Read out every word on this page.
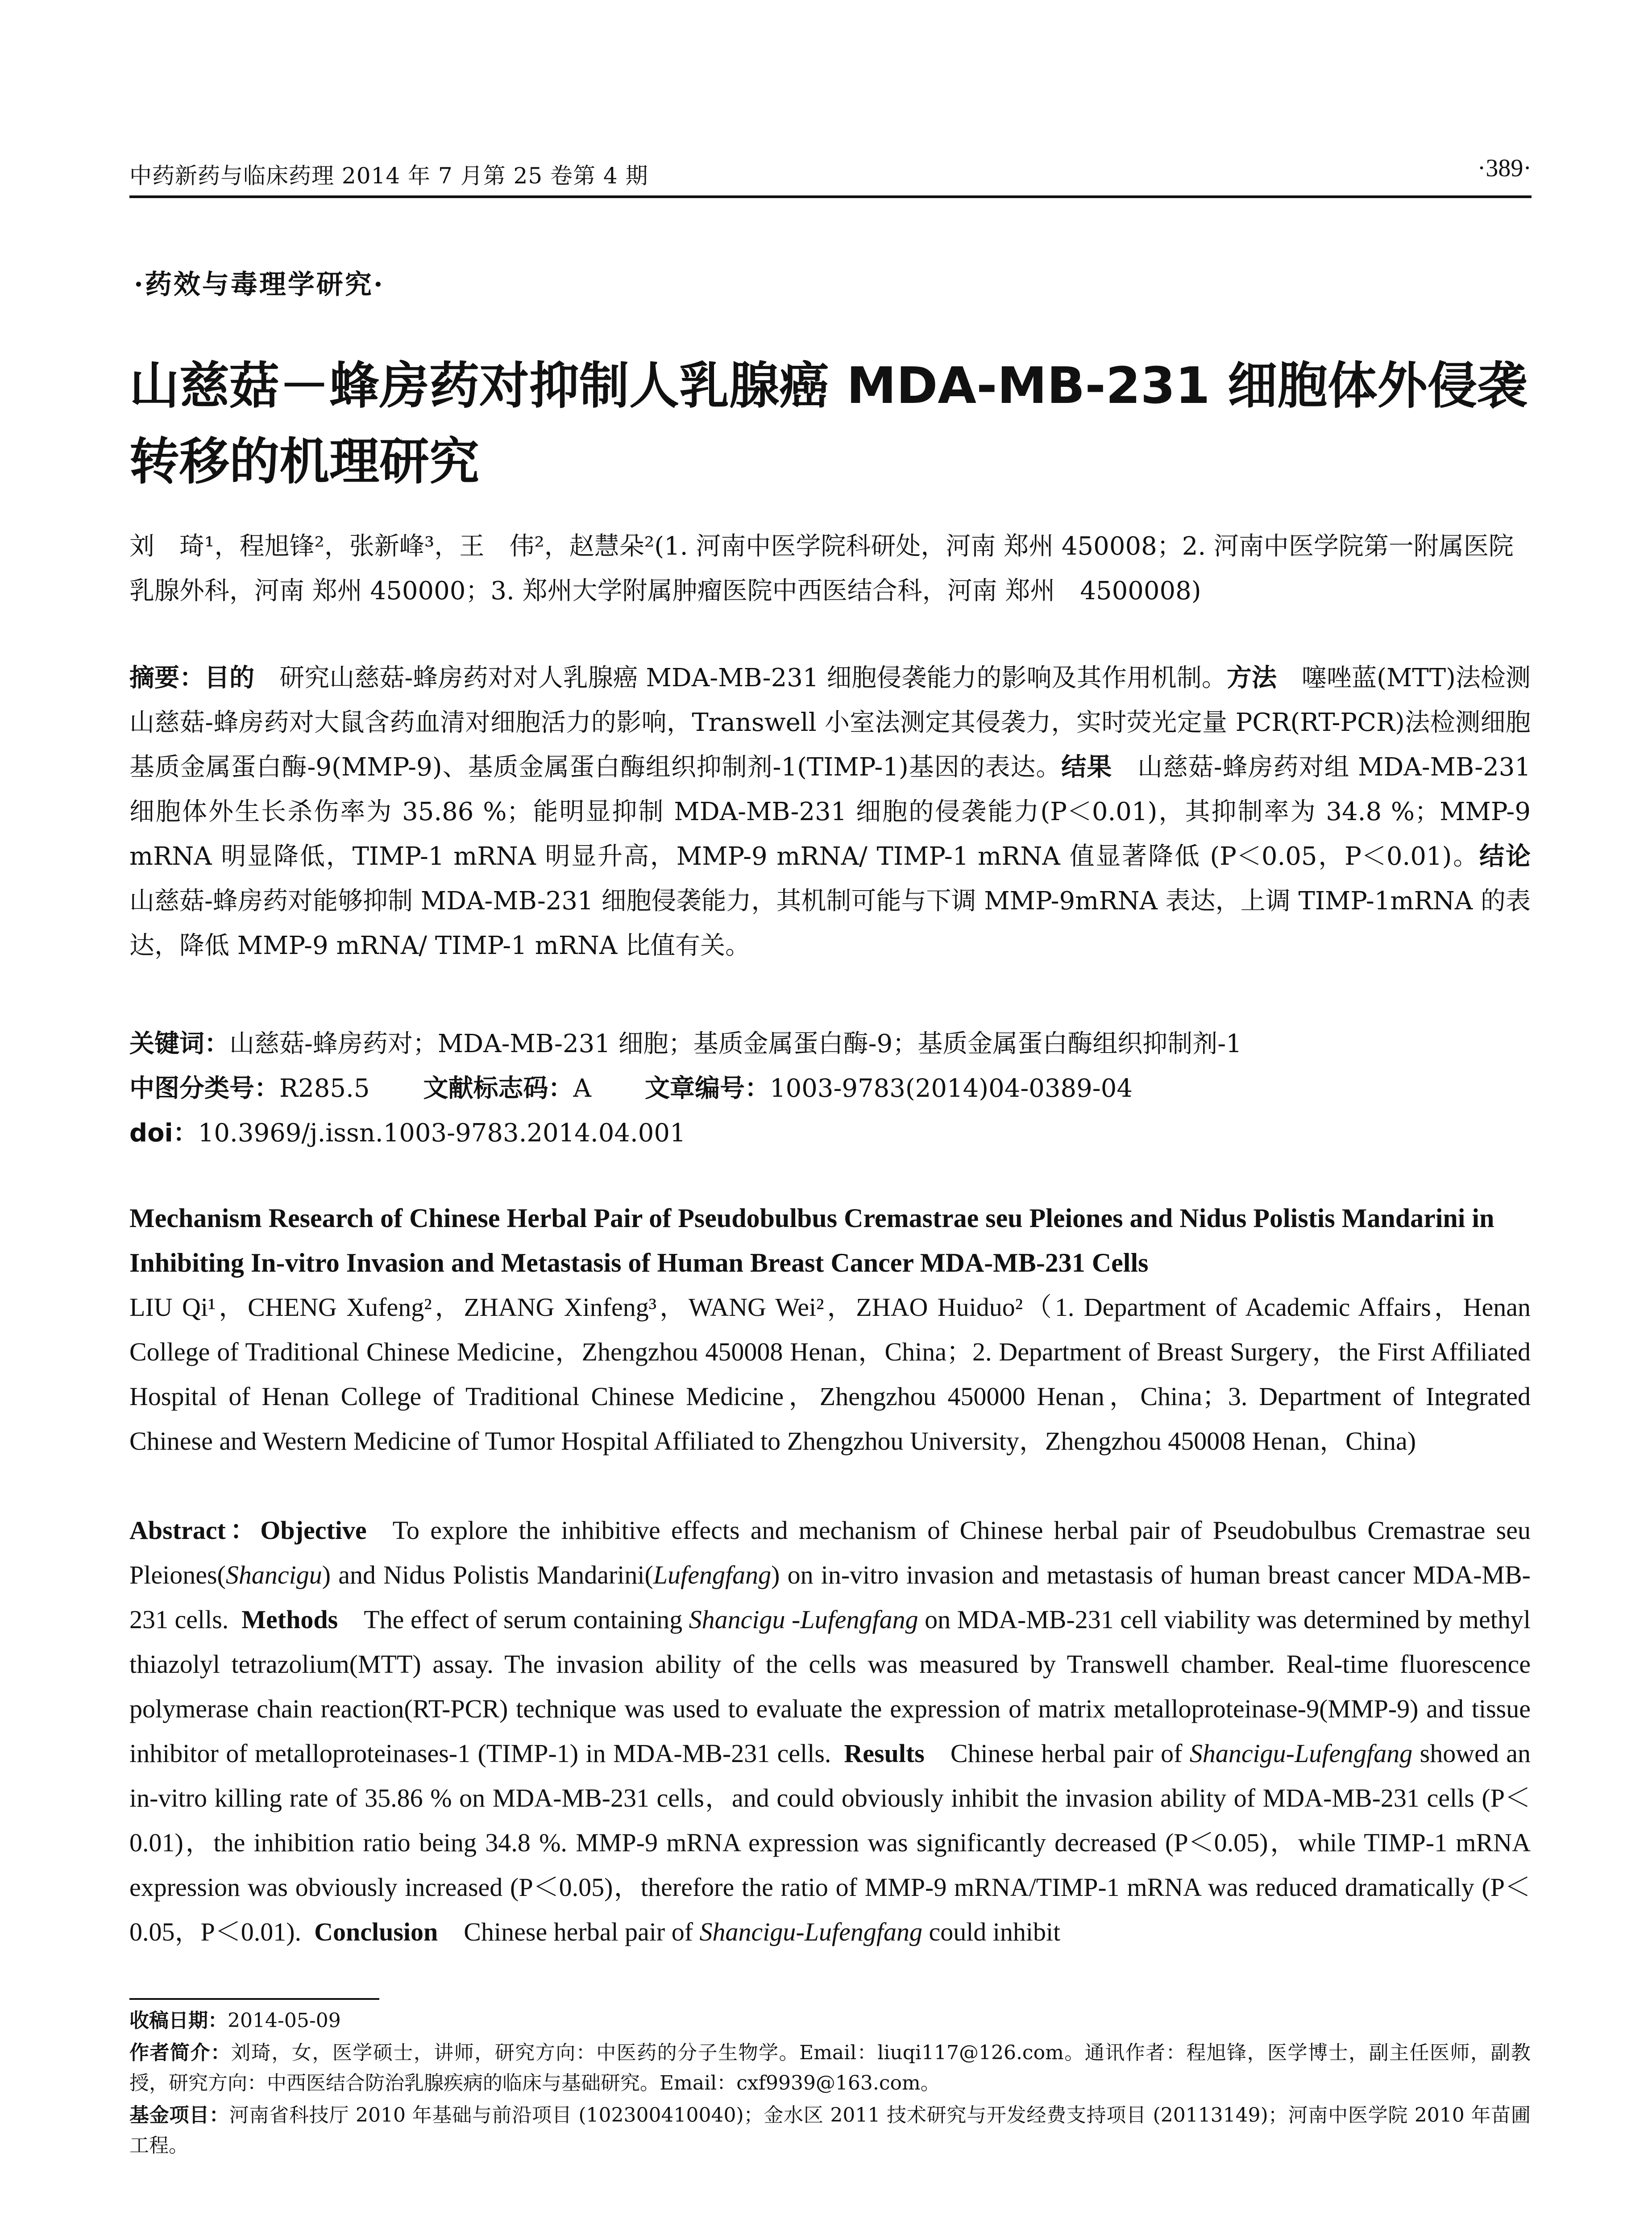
中药新药与临床药理 2014 年 7 月第 25 卷第 4 期	·389·
·药效与毒理学研究·
山慈菇－蜂房药对抑制人乳腺癌 MDA-MB-231 细胞体外侵袭转移的机理研究
刘　琦¹，程旭锋²，张新峰³，王　伟²，赵慧朵²(1. 河南中医学院科研处，河南 郑州 450008；2. 河南中医学院第一附属医院乳腺外科，河南 郑州 450000；3. 郑州大学附属肿瘤医院中西医结合科，河南 郑州　4500008)
摘要：目的　 研究山慈菇-蜂房药对对人乳腺癌 MDA-MB-231 细胞侵袭能力的影响及其作用机制。方法　 噻唑蓝(MTT)法检测山慈菇-蜂房药对大鼠含药血清对细胞活力的影响，Transwell 小室法测定其侵袭力，实时荧光定量 PCR(RT-PCR)法检测细胞基质金属蛋白酶-9(MMP-9)、基质金属蛋白酶组织抑制剂-1(TIMP-1)基因的表达。结果　 山慈菇-蜂房药对组 MDA-MB-231 细胞体外生长杀伤率为 35.86 %；能明显抑制 MDA-MB-231 细胞的侵袭能力(P＜0.01)，其抑制率为 34.8 %；MMP-9 mRNA 明显降低，TIMP-1 mRNA 明显升高，MMP-9 mRNA/ TIMP-1 mRNA 值显著降低 (P＜0.05，P＜0.01)。结论　山慈菇-蜂房药对能够抑制 MDA-MB-231 细胞侵袭能力，其机制可能与下调 MMP-9mRNA 表达，上调 TIMP-1mRNA 的表达，降低 MMP-9 mRNA/ TIMP-1 mRNA 比值有关。
关键词：山慈菇-蜂房药对；MDA-MB-231 细胞；基质金属蛋白酶-9；基质金属蛋白酶组织抑制剂-1
中图分类号：R285.5 文献标志码：A 文章编号：1003-9783(2014)04-0389-04
doi：10.3969/j.issn.1003-9783.2014.04.001
Mechanism Research of Chinese Herbal Pair of Pseudobulbus Cremastrae seu Pleiones and Nidus Polistis Mandarini in Inhibiting In-vitro Invasion and Metastasis of Human Breast Cancer MDA-MB-231 Cells
LIU Qi¹，CHENG Xufeng²，ZHANG Xinfeng³，WANG Wei²，ZHAO Huiduo²（1. Department of Academic Affairs，Henan College of Traditional Chinese Medicine，Zhengzhou 450008 Henan，China；2. Department of Breast Surgery，the First Affiliated Hospital of Henan College of Traditional Chinese Medicine，Zhengzhou 450000 Henan，China；3. Department of Integrated Chinese and Western Medicine of Tumor Hospital Affiliated to Zhengzhou University，Zhengzhou 450008 Henan，China)
Abstract：Objective   To explore the inhibitive effects and mechanism of Chinese herbal pair of Pseudobulbus Cremastrae seu Pleiones(Shancigu) and Nidus Polistis Mandarini(Lufengfang) on in-vitro invasion and metastasis of human breast cancer MDA-MB-231 cells.  Methods   The effect of serum containing Shancigu -Lufengfang on MDA-MB-231 cell viability was determined by methyl thiazolyl tetrazolium(MTT) assay. The invasion ability of the cells was measured by Transwell chamber. Real-time fluorescence polymerase chain reaction(RT-PCR) technique was used to evaluate the expression of matrix metalloproteinase-9(MMP-9) and tissue inhibitor of metalloproteinases-1 (TIMP-1) in MDA-MB-231 cells.  Results   Chinese herbal pair of Shancigu-Lufengfang showed an in-vitro killing rate of 35.86 % on MDA-MB-231 cells，and could obviously inhibit the invasion ability of MDA-MB-231 cells (P＜0.01)，the inhibition ratio being 34.8 %. MMP-9 mRNA expression was significantly decreased (P＜0.05)，while TIMP-1 mRNA expression was obviously increased (P＜0.05)，therefore the ratio of MMP-9 mRNA/TIMP-1 mRNA was reduced dramatically (P＜0.05，P＜0.01).  Conclusion   Chinese herbal pair of Shancigu-Lufengfang could inhibit

收稿日期：2014-05-09

作者简介：刘琦，女，医学硕士，讲师，研究方向：中医药的分子生物学。Email：liuqi117@126.com。通讯作者：程旭锋，医学博士，副主任医师，副教授，研究方向：中西医结合防治乳腺疾病的临床与基础研究。Email：cxf9939@163.com。

基金项目：河南省科技厅 2010 年基础与前沿项目 (102300410040)；金水区 2011 技术研究与开发经费支持项目 (20113149)；河南中医学院 2010 年苗圃工程。
